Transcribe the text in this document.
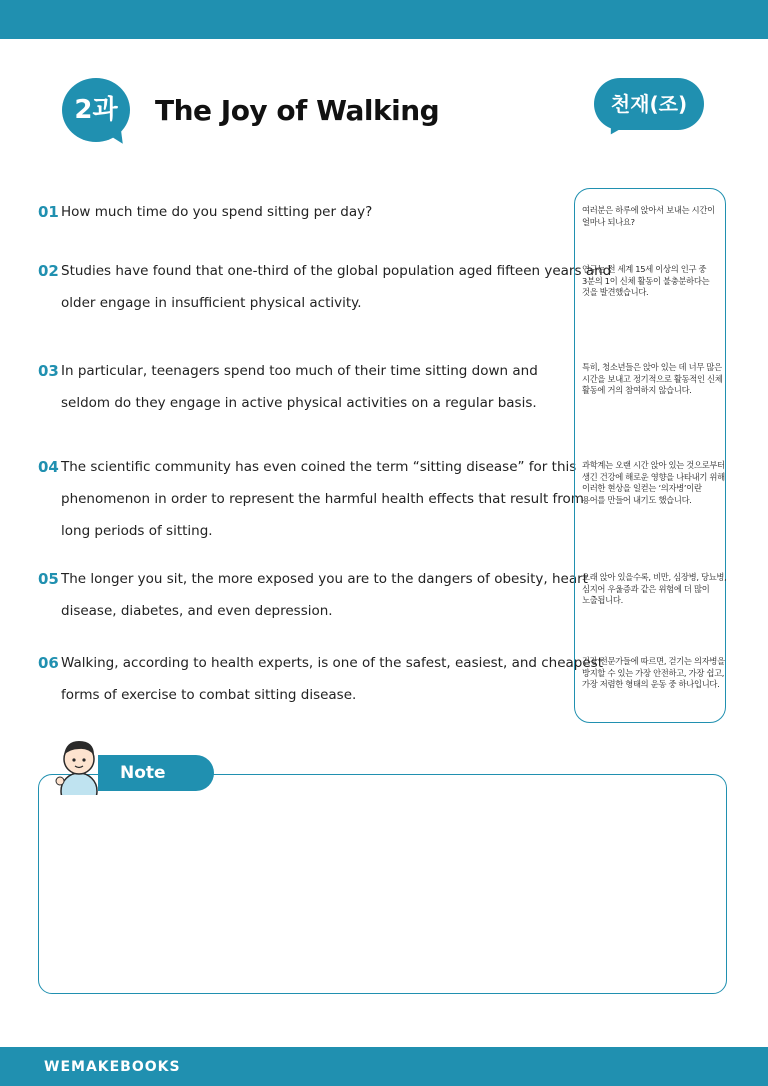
2과	The Joy of Walking	천재(조)
01 How much time do you spend sitting per day?
02 Studies have found that one-third of the global population aged fifteen years and
older engage in insufficient physical activity.
03 In particular, teenagers spend too much of their time sitting down and
seldom do they engage in active physical activities on a regular basis.
04 The scientific community has even coined the term “sitting disease” for this
phenomenon in order to represent the harmful health effects that result from
long periods of sitting.
05 The longer you sit, the more exposed you are to the dangers of obesity, heart
disease, diabetes, and even depression.
06 Walking, according to health experts, is one of the safest, easiest, and cheapest
forms of exercise to combat sitting disease.
여러분은 하루에 앉아서 보내는 시간이
얼마나 되나요?
연구는 전 세계 15세 이상의 인구 중
3분의 1이 신체 활동이 불충분하다는
것을 발견했습니다.
특히, 청소년들은 앉아 있는 데 너무 많은
시간을 보내고 정기적으로 활동적인 신체
활동에 거의 참여하지 않습니다.
과학계는 오랜 시간 앉아 있는 것으로부터
생긴 건강에 해로운 영향을 나타내기 위해
이러한 현상을 일컫는 ‘의자병’이란
용어를 만들어 내기도 했습니다.
오래 앉아 있을수록, 비만, 심장병, 당뇨병,
심지어 우울증과 같은 위험에 더 많이
노출됩니다.
건강 전문가들에 따르면, 걷기는 의자병을
방지할 수 있는 가장 안전하고, 가장 쉽고,
가장 저렴한 형태의 운동 중 하나입니다.
Note
WEMAKEBOOKS
